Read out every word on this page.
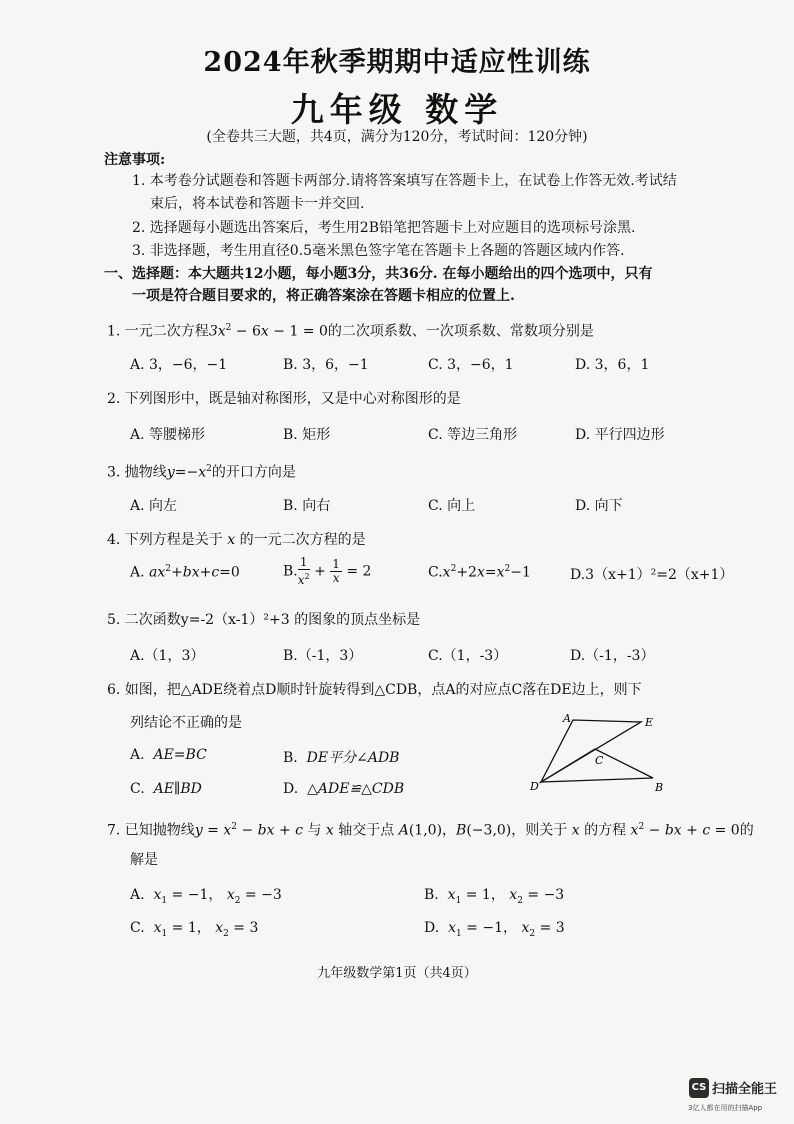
2024年秋季期期中适应性训练
九年级 数学
(全卷共三大题，共4页，满分为120分，考试时间：120分钟)
注意事项:
1. 本考卷分试题卷和答题卡两部分.请将答案填写在答题卡上，在试卷上作答无效.考试结
束后，将本试卷和答题卡一并交回.
2. 选择题每小题选出答案后，考生用2B铅笔把答题卡上对应题目的选项标号涂黑.
3. 非选择题，考生用直径0.5毫米黑色签字笔在答题卡上各题的答题区域内作答.
一、选择题：本大题共12小题，每小题3分，共36分. 在每小题给出的四个选项中，只有
一项是符合题目要求的，将正确答案涂在答题卡相应的位置上.
1. 一元二次方程$3x^2 - 6x - 1 = 0$的二次项系数、一次项系数、常数项分别是
A. 3，−6，−1	B. 3，6，−1	C. 3，−6，1	D. 3，6，1
2. 下列图形中，既是轴对称图形，又是中心对称图形的是
A. 等腰梯形	B. 矩形	C. 等边三角形	D. 平行四边形
3. 抛物线$y=-x^2$的开口方向是
A. 向左	B. 向右	C. 向上	D. 向下
4. 下列方程是关于 x 的一元二次方程的是
A. $ax^2+bx+c=0$	B. $\frac{1}{x^2} + \frac{1}{x} = 2$	$C.x^2+2x=x^2-1$	D.3（x+1）²=2（x+1）
5. 二次函数y=-2（x-1）²+3 的图象的顶点坐标是
A.（1，3）	B.（-1，3）	C.（1，-3）	D.（-1，-3）
6. 如图，把△ADE绕着点D顺时针旋转得到△CDB，点A的对应点C落在DE边上，则下
列结论不正确的是
A. AE=BC	B. DE平分∠ADB
C. AE∥BD	D. △ADE≌△CDB
A	E
C
D	B
7. 已知抛物线$y = x^2$ − bx + c 与 x 轴交于点 A(1,0)，B(−3,0)，则关于 x 的方程 $x^2$ − bx + c = 0的
解是
A. $x_1 = -1$， $x_2 = -3$	B. $x_1 = 1$， $x_2 = -3$
C. $x_1 = 1$， $x_2 = 3$	D. $x_1 = -1$， $x_2 = 3$
九年级数学第1页（共4页）
CS 扫描全能王
3亿人都在用的扫描App
